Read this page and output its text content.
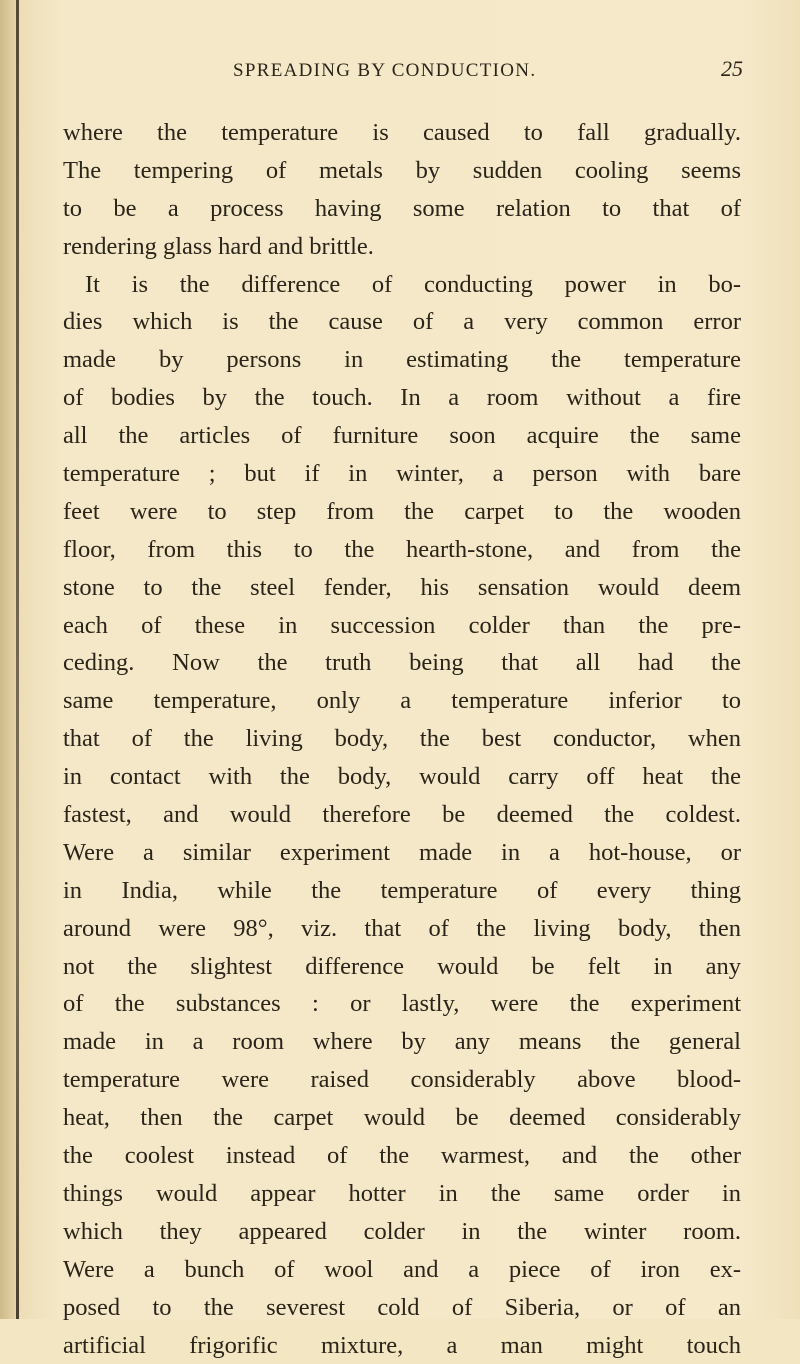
SPREADING BY CONDUCTION.	25
where the temperature is caused to fall gradually.
The tempering of metals by sudden cooling seems
to be a process having some relation to that of
rendering glass hard and brittle.
It is the difference of conducting power in bo-
dies which is the cause of a very common error
made by persons in estimating the temperature
of bodies by the touch. In a room without a fire
all the articles of furniture soon acquire the same
temperature ; but if in winter, a person with bare
feet were to step from the carpet to the wooden
floor, from this to the hearth-stone, and from the
stone to the steel fender, his sensation would deem
each of these in succession colder than the pre-
ceding. Now the truth being that all had the
same temperature, only a temperature inferior to
that of the living body, the best conductor, when
in contact with the body, would carry off heat the
fastest, and would therefore be deemed the coldest.
Were a similar experiment made in a hot-house, or
in India, while the temperature of every thing
around were 98°, viz. that of the living body, then
not the slightest difference would be felt in any
of the substances : or lastly, were the experiment
made in a room where by any means the general
temperature were raised considerably above blood-
heat, then the carpet would be deemed considerably
the coolest instead of the warmest, and the other
things would appear hotter in the same order in
which they appeared colder in the winter room.
Were a bunch of wool and a piece of iron ex-
posed to the severest cold of Siberia, or of an
artificial frigorific mixture, a man might touch
